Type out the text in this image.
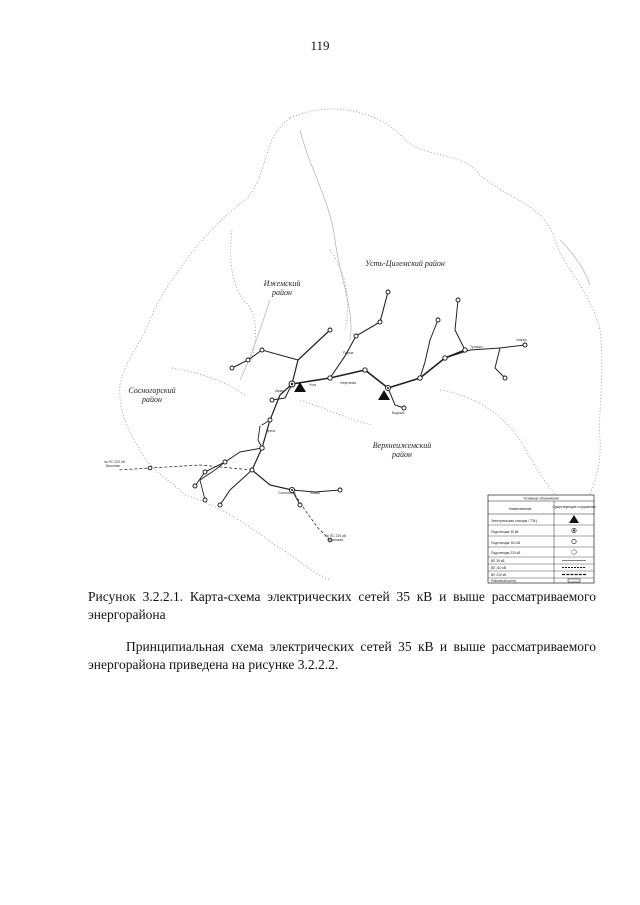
119
Ижемский район
Усть-Цилемский район
Сосногорский район
Верхнеижемский район
на ПС 220 кВ Вишнево
на ПС 220 кВ Ухтинская
Ухта
Ижма
Сосногорск
Нефтяная
Парма
Водный
Ярега
Кожва
Троицко
Усинск
Условные обозначения
Наименование	Существующие сооружения
Электрическая станция / ТЭЦ
Подстанция 35 кВ
Подстанция 110 кВ
Подстанция 220 кВ
ВЛ 35 кВ
ВЛ 110 кВ
ВЛ 220 кВ
Районный центр
Рисунок 3.2.2.1. Карта-схема электрических сетей 35 кВ и выше рассматриваемого энергорайона
Принципиальная схема электрических сетей 35 кВ и выше рассматриваемого энергорайона приведена на рисунке 3.2.2.2.
